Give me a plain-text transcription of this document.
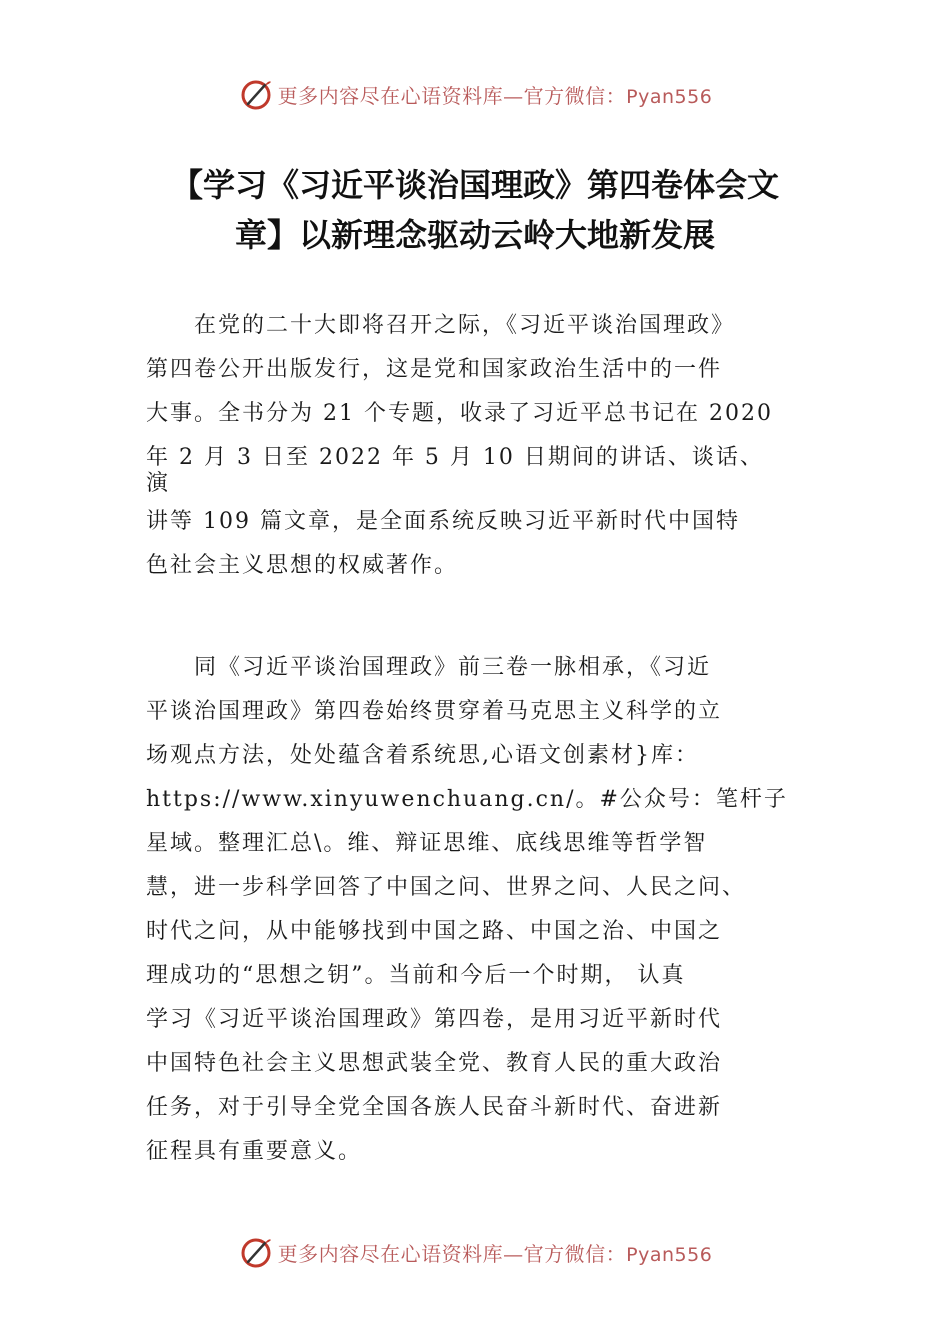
更多内容尽在心语资料库—官方微信：Pyan556
【学习《习近平谈治国理政》第四卷体会文
章】以新理念驱动云岭大地新发展
　　在党的二十大即将召开之际，《习近平谈治国理政》
第四卷公开出版发行，这是党和国家政治生活中的一件
大事。全书分为 21 个专题，收录了习近平总书记在 2020
年 2 月 3 日至 2022 年 5 月 10 日期间的讲话、谈话、
演
讲等 109 篇文章，是全面系统反映习近平新时代中国特
色社会主义思想的权威著作。
　　同《习近平谈治国理政》前三卷一脉相承，《习近
平谈治国理政》第四卷始终贯穿着马克思主义科学的立
场观点方法，处处蕴含着系统思,心语文创素材}库：
https://www.xinyuwenchuang.cn/。#公众号：笔杆子
星域。整理汇总\。维、辩证思维、底线思维等哲学智
慧，进一步科学回答了中国之问、世界之问、人民之问、
时代之问，从中能够找到中国之路、中国之治、中国之
理成功的“思想之钥”。当前和今后一个时期， 认真
学习《习近平谈治国理政》第四卷，是用习近平新时代
中国特色社会主义思想武装全党、教育人民的重大政治
任务，对于引导全党全国各族人民奋斗新时代、奋进新
征程具有重要意义。
更多内容尽在心语资料库—官方微信：Pyan556
